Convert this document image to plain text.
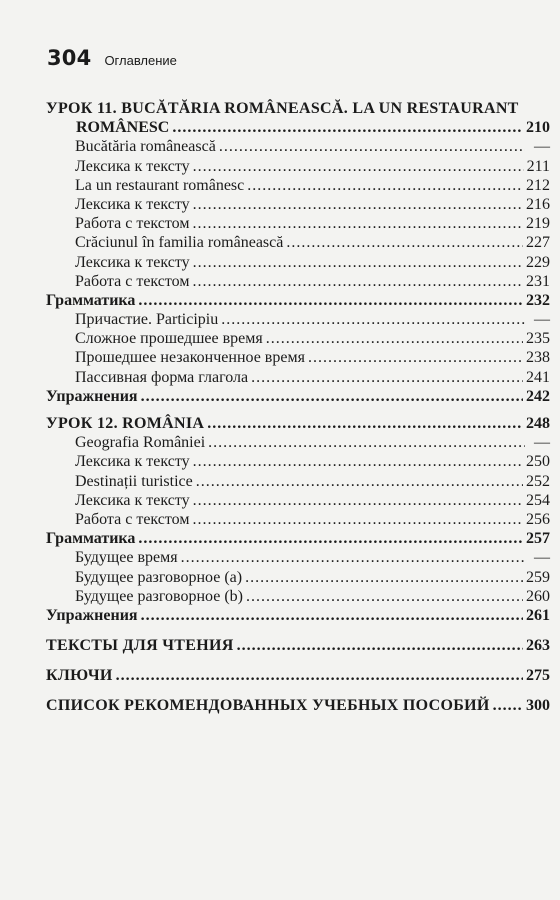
304 Оглавление
УРОК 11. BUCĂTĂRIA ROMÂNEASCĂ. LA UN RESTAURANT
ROMÂNESC . . .	210
Bucătăria românească . . .	—
Лексика к тексту . . .	211
La un restaurant românesc . . .	212
Лексика к тексту . . .	216
Работа с текстом . . .	219
Crăciunul în familia românească . . .	227
Лексика к тексту . . .	229
Работа с текстом . . .	231
Грамматика . . .	232
Причастие. Participiu . . .	—
Сложное прошедшее время . . .	235
Прошедшее незаконченное время . . .	238
Пассивная форма глагола . . .	241
Упражнения . . .	242
УРОК 12. ROMÂNIA . . .	248
Geografia României . . .	—
Лексика к тексту . . .	250
Destinații turistice . . .	252
Лексика к тексту . . .	254
Работа с текстом . . .	256
Грамматика . . .	257
Будущее время . . .	—
Будущее разговорное (a) . . .	259
Будущее разговорное (b) . . .	260
Упражнения . . .	261
ТЕКСТЫ ДЛЯ ЧТЕНИЯ . . .	263
КЛЮЧИ . . .	275
СПИСОК РЕКОМЕНДОВАННЫХ УЧЕБНЫХ ПОСОБИЙ . . . 300
